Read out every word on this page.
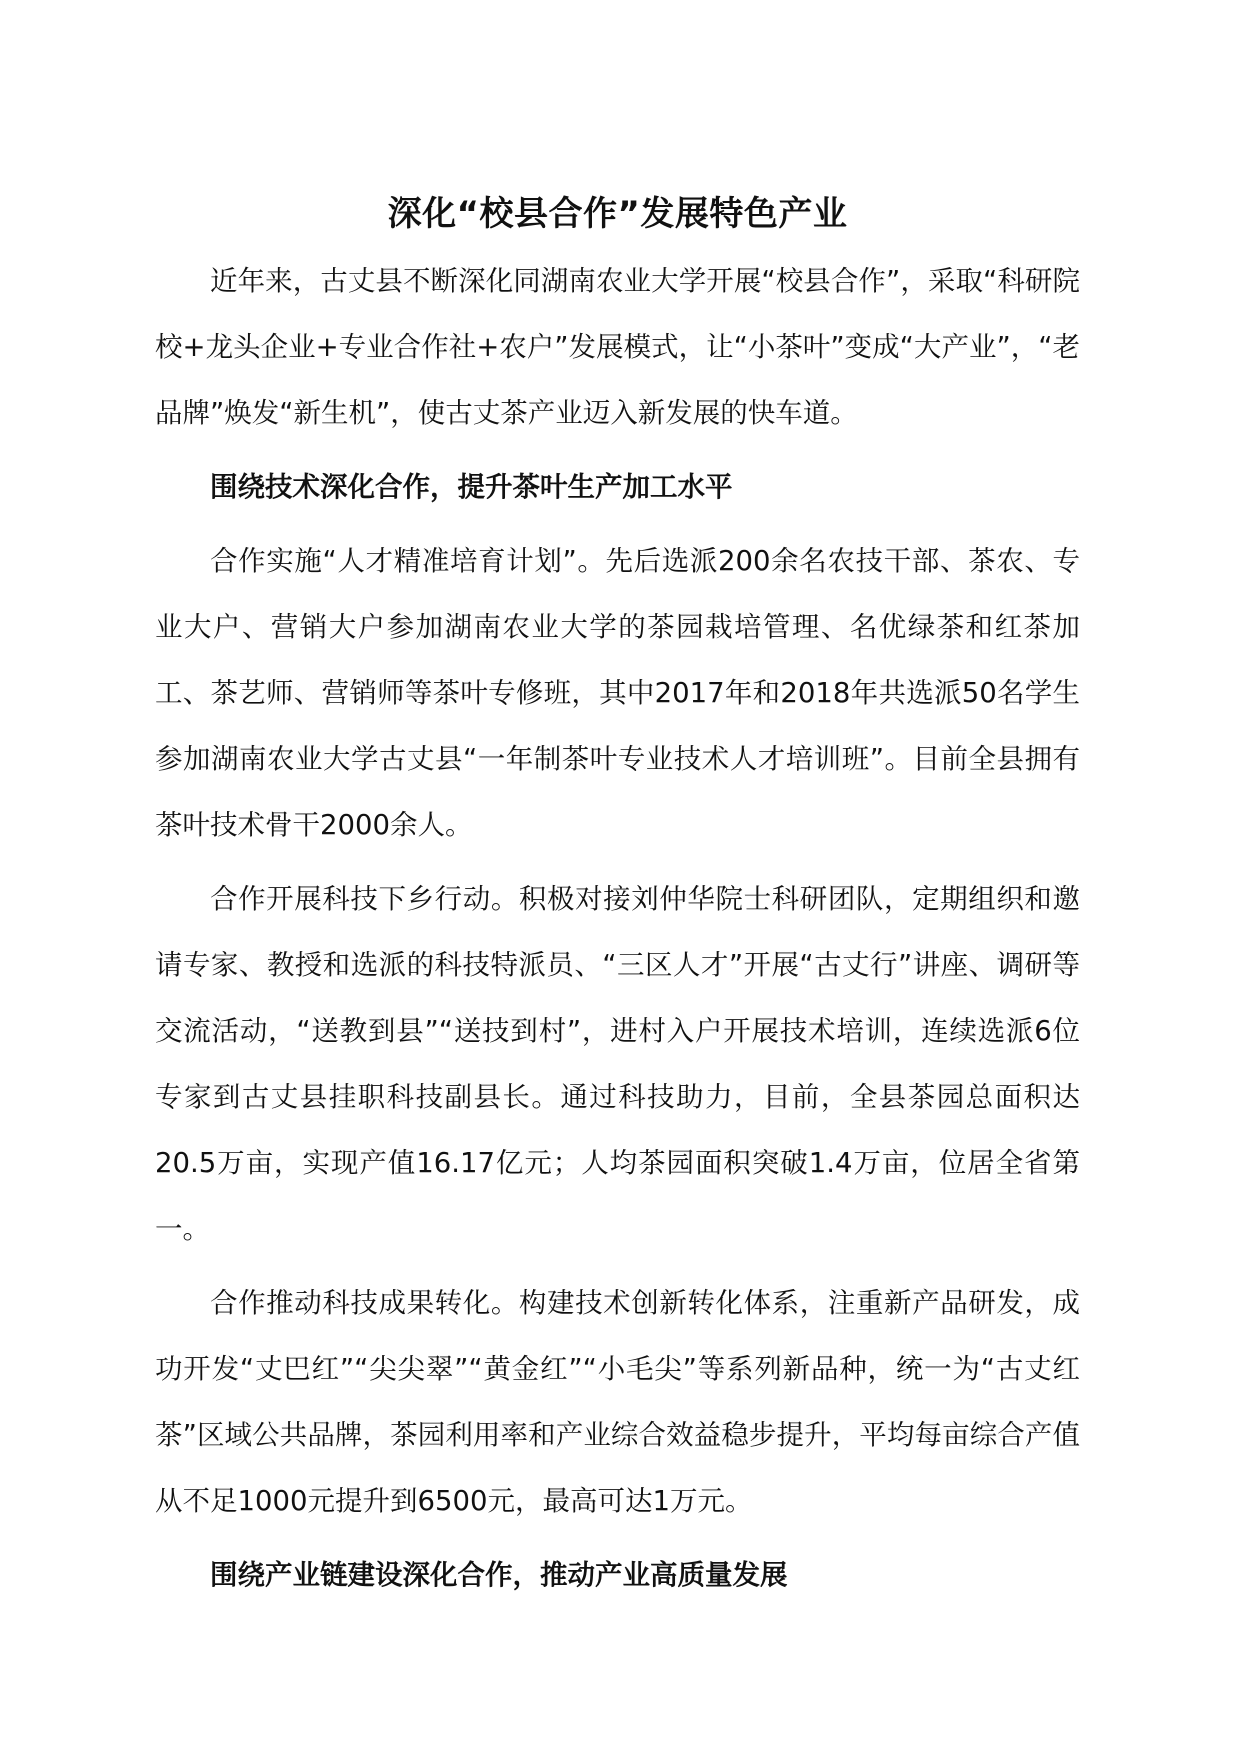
深化“校县合作”发展特色产业

近年来，古丈县不断深化同湖南农业大学开展“校县合作”，采取“科研院校+龙头企业+专业合作社+农户”发展模式，让“小茶叶”变成“大产业”，“老品牌”焕发“新生机”，使古丈茶产业迈入新发展的快车道。

围绕技术深化合作，提升茶叶生产加工水平

合作实施“人才精准培育计划”。先后选派200余名农技干部、茶农、专业大户、营销大户参加湖南农业大学的茶园栽培管理、名优绿茶和红茶加工、茶艺师、营销师等茶叶专修班，其中2017年和2018年共选派50名学生参加湖南农业大学古丈县“一年制茶叶专业技术人才培训班”。目前全县拥有茶叶技术骨干2000余人。

合作开展科技下乡行动。积极对接刘仲华院士科研团队，定期组织和邀请专家、教授和选派的科技特派员、“三区人才”开展“古丈行”讲座、调研等交流活动，“送教到县”“送技到村”，进村入户开展技术培训，连续选派6位专家到古丈县挂职科技副县长。通过科技助力，目前，全县茶园总面积达20.5万亩，实现产值16.17亿元；人均茶园面积突破1.4万亩，位居全省第一。

合作推动科技成果转化。构建技术创新转化体系，注重新产品研发，成功开发“丈巴红”“尖尖翠”“黄金红”“小毛尖”等系列新品种，统一为“古丈红茶”区域公共品牌，茶园利用率和产业综合效益稳步提升，平均每亩综合产值从不足1000元提升到6500元，最高可达1万元。

围绕产业链建设深化合作，推动产业高质量发展
